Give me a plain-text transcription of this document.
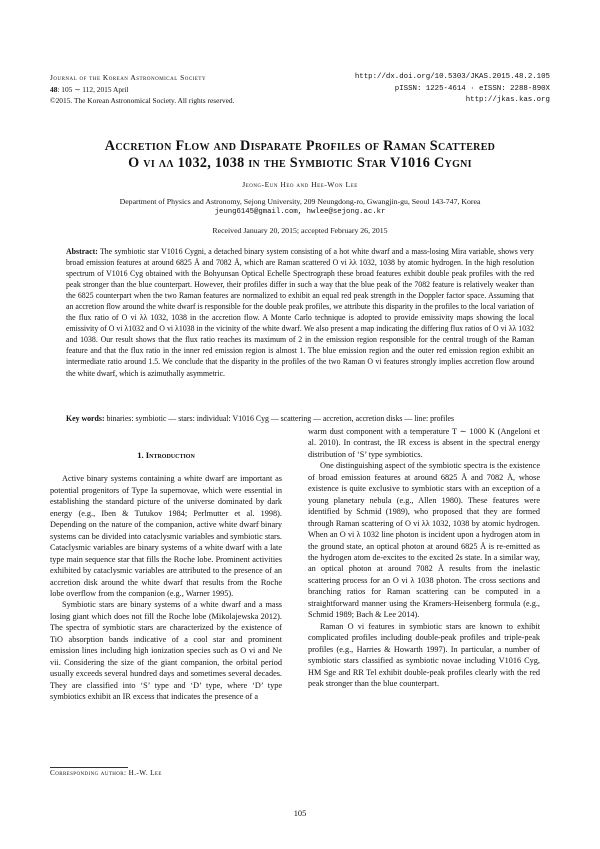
Journal of the Korean Astronomical Society
48: 105 ∼ 112, 2015 April
©2015. The Korean Astronomical Society. All rights reserved.
http://dx.doi.org/10.5303/JKAS.2015.48.2.105
pISSN: 1225-4614 · eISSN: 2288-890X
http://jkas.kas.org
Accretion Flow and Disparate Profiles of Raman Scattered
O vi λλ 1032, 1038 in the Symbiotic Star V1016 Cygni
Jeong-Eun Heo and Hee-Won Lee
Department of Physics and Astronomy, Sejong University, 209 Neungdong-ro, Gwangjin-gu, Seoul 143-747, Korea
jeung6145@gmail.com, hwlee@sejong.ac.kr
Received January 20, 2015; accepted February 26, 2015
Abstract: The symbiotic star V1016 Cygni, a detached binary system consisting of a hot white dwarf and a mass-losing Mira variable, shows very broad emission features at around 6825 Å and 7082 Å, which are Raman scattered O vi λλ 1032, 1038 by atomic hydrogen. In the high resolution spectrum of V1016 Cyg obtained with the Bohyunsan Optical Echelle Spectrograph these broad features exhibit double peak profiles with the red peak stronger than the blue counterpart. However, their profiles differ in such a way that the blue peak of the 7082 feature is relatively weaker than the 6825 counterpart when the two Raman features are normalized to exhibit an equal red peak strength in the Doppler factor space. Assuming that an accretion flow around the white dwarf is responsible for the double peak profiles, we attribute this disparity in the profiles to the local variation of the flux ratio of O vi λλ 1032, 1038 in the accretion flow. A Monte Carlo technique is adopted to provide emissivity maps showing the local emissivity of O vi λ1032 and O vi λ1038 in the vicinity of the white dwarf. We also present a map indicating the differing flux ratios of O vi λλ 1032 and 1038. Our result shows that the flux ratio reaches its maximum of 2 in the emission region responsible for the central trough of the Raman feature and that the flux ratio in the inner red emission region is almost 1. The blue emission region and the outer red emission region exhibit an intermediate ratio around 1.5. We conclude that the disparity in the profiles of the two Raman O vi features strongly implies accretion flow around the white dwarf, which is azimuthally asymmetric.
Key words: binaries: symbiotic — stars: individual: V1016 Cyg — scattering — accretion, accretion disks — line: profiles
1. Introduction

Active binary systems containing a white dwarf are important as potential progenitors of Type Ia supernovae, which were essential in establishing the standard picture of the universe dominated by dark energy (e.g., Iben & Tutukov 1984; Perlmutter et al. 1998). Depending on the nature of the companion, active white dwarf binary systems can be divided into cataclysmic variables and symbiotic stars. Cataclysmic variables are binary systems of a white dwarf with a late type main sequence star that fills the Roche lobe. Prominent activities exhibited by cataclysmic variables are attributed to the presence of an accretion disk around the white dwarf that results from the Roche lobe overflow from the companion (e.g., Warner 1995).

Symbiotic stars are binary systems of a white dwarf and a mass losing giant which does not fill the Roche lobe (Mikolajewska 2012). The spectra of symbiotic stars are characterized by the existence of TiO absorption bands indicative of a cool star and prominent emission lines including high ionization species such as O vi and Ne vii. Considering the size of the giant companion, the orbital period usually exceeds several hundred days and sometimes several decades. They are classified into ‘S’ type and ‘D’ type, where ‘D’ type symbiotics exhibit an IR excess that indicates the presence of a

warm dust component with a temperature T ∼ 1000 K (Angeloni et al. 2010). In contrast, the IR excess is absent in the spectral energy distribution of ‘S’ type symbiotics.

One distinguishing aspect of the symbiotic spectra is the existence of broad emission features at around 6825 Å and 7082 Å, whose existence is quite exclusive to symbiotic stars with an exception of a young planetary nebula (e.g., Allen 1980). These features were identified by Schmid (1989), who proposed that they are formed through Raman scattering of O vi λλ 1032, 1038 by atomic hydrogen. When an O vi λ 1032 line photon is incident upon a hydrogen atom in the ground state, an optical photon at around 6825 Å is re-emitted as the hydrogen atom de-excites to the excited 2s state. In a similar way, an optical photon at around 7082 Å results from the inelastic scattering process for an O vi λ 1038 photon. The cross sections and branching ratios for Raman scattering can be computed in a straightforward manner using the Kramers-Heisenberg formula (e.g., Schmid 1989; Bach & Lee 2014).

Raman O vi features in symbiotic stars are known to exhibit complicated profiles including double-peak profiles and triple-peak profiles (e.g., Harries & Howarth 1997). In particular, a number of symbiotic stars classified as symbiotic novae including V1016 Cyg, HM Sge and RR Tel exhibit double-peak profiles clearly with the red peak stronger than the blue counterpart.

Corresponding author: H.-W. Lee
105
